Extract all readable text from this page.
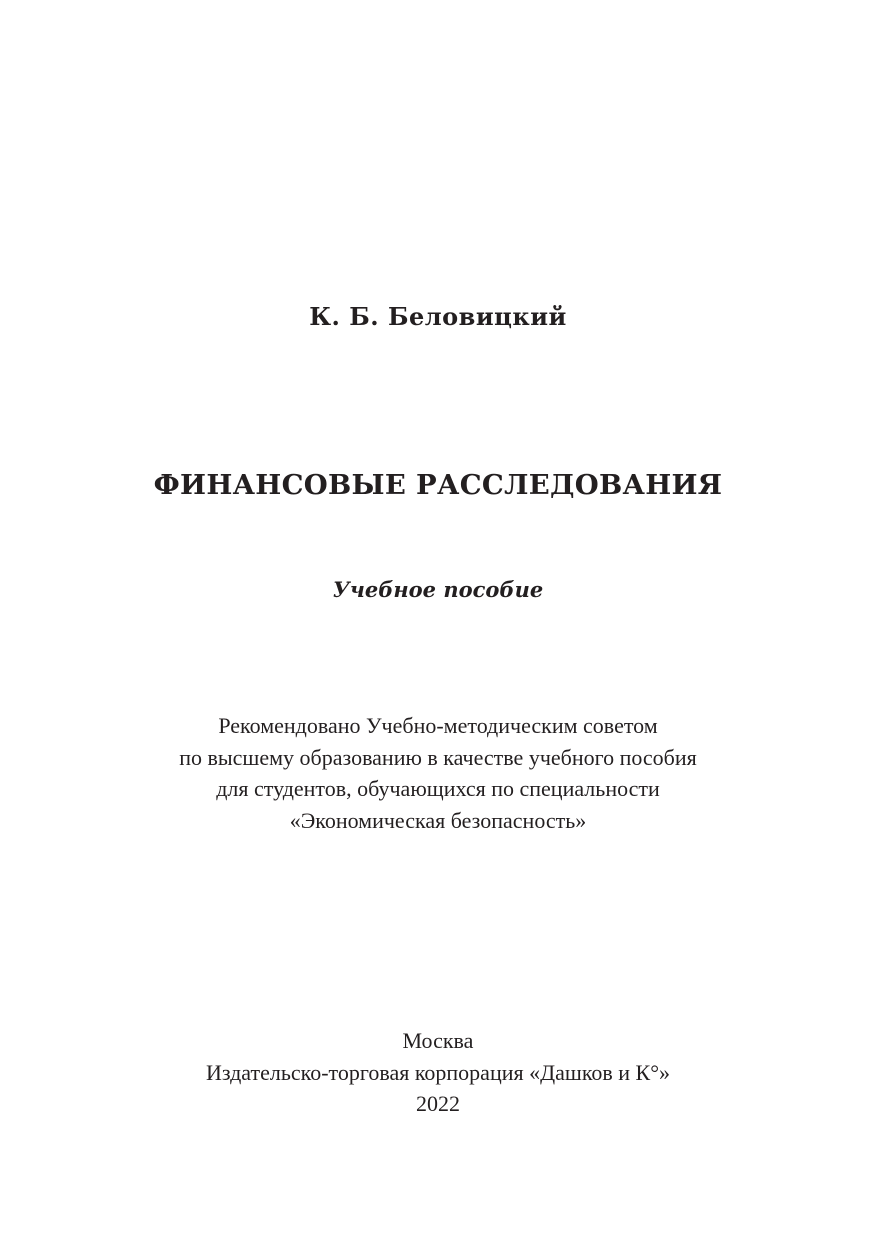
К. Б. Беловицкий
ФИНАНСОВЫЕ РАССЛЕДОВАНИЯ
Учебное пособие
Рекомендовано Учебно-методическим советом
по высшему образованию в качестве учебного пособия
для студентов, обучающихся по специальности
«Экономическая безопасность»
Москва
Издательско-торговая корпорация «Дашков и К°»
2022
